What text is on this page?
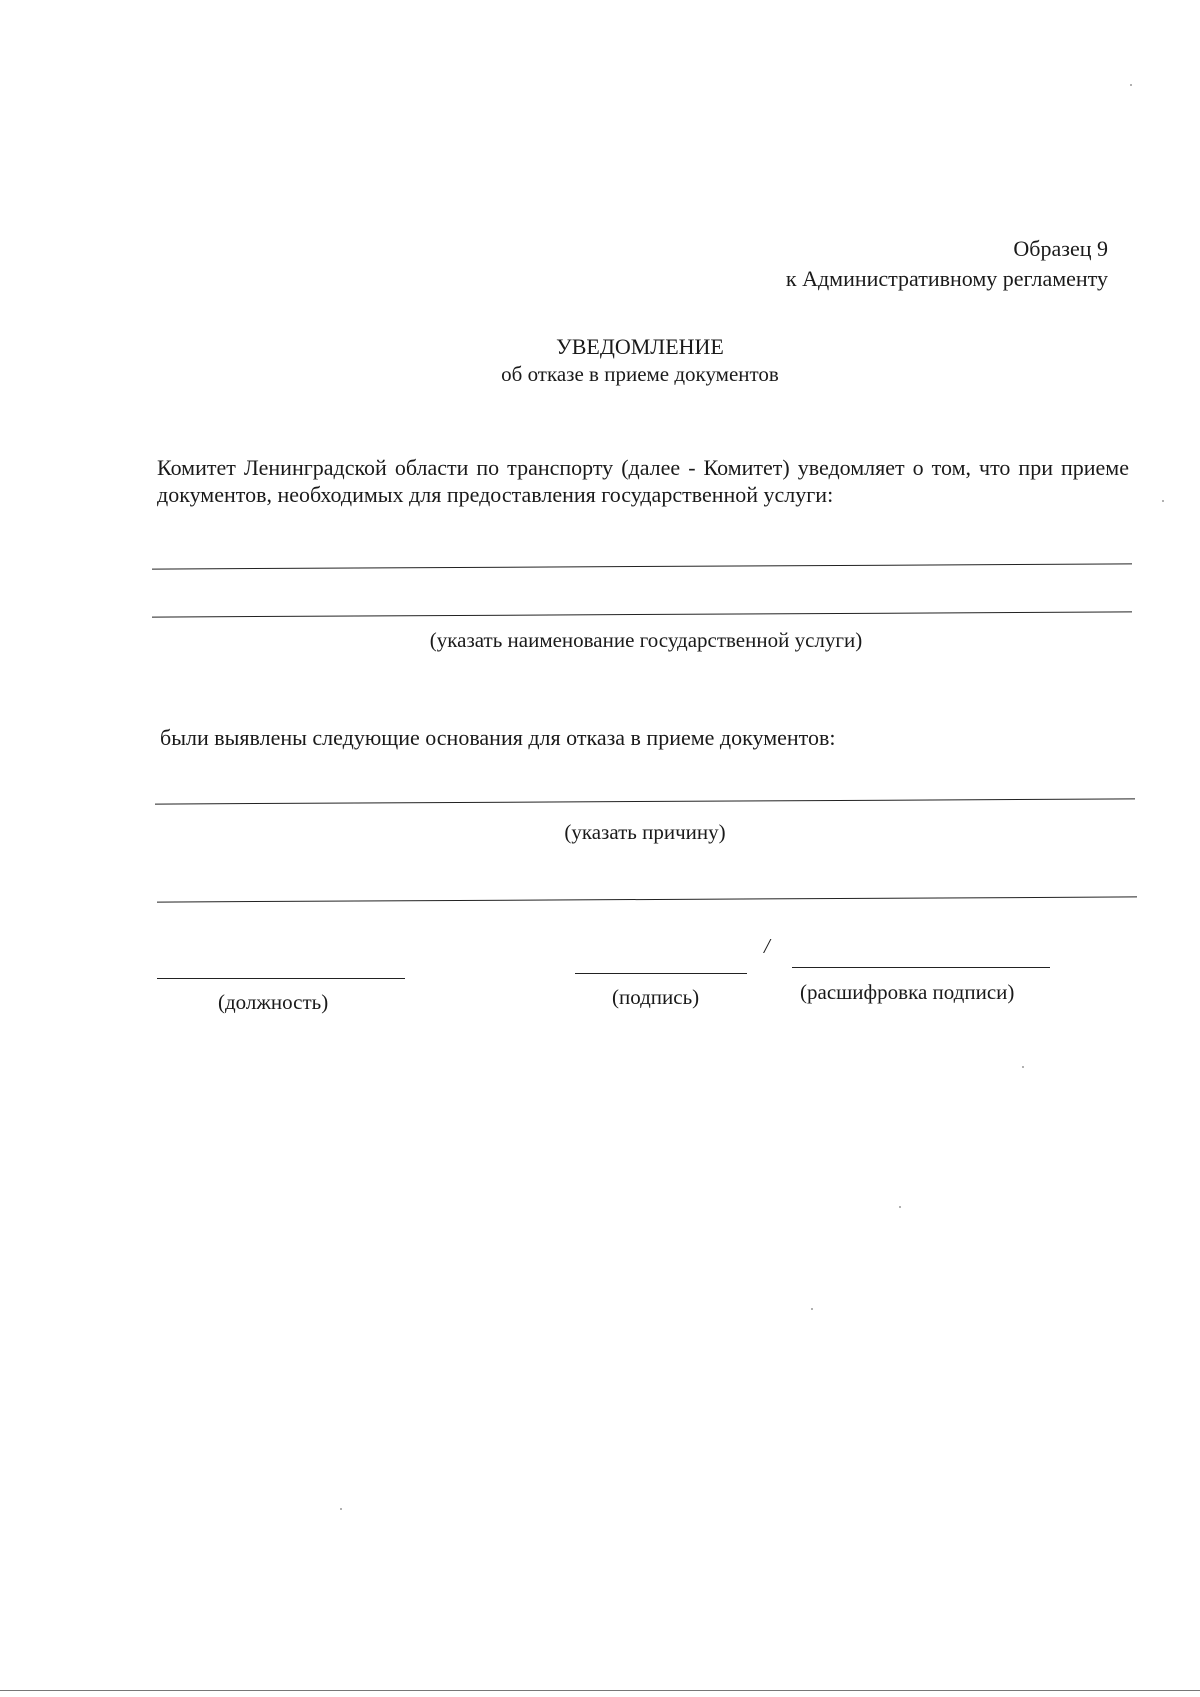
Образец 9
к Административному регламенту
УВЕДОМЛЕНИЕ
об отказе в приеме документов
Комитет Ленинградской области по транспорту (далее - Комитет) уведомляет о том, что при приеме документов, необходимых для предоставления государственной услуги:
(указать наименование государственной услуги)
были выявлены следующие основания для отказа в приеме документов:
(указать причину)
/
(должность)	(подпись)	(расшифровка подписи)
